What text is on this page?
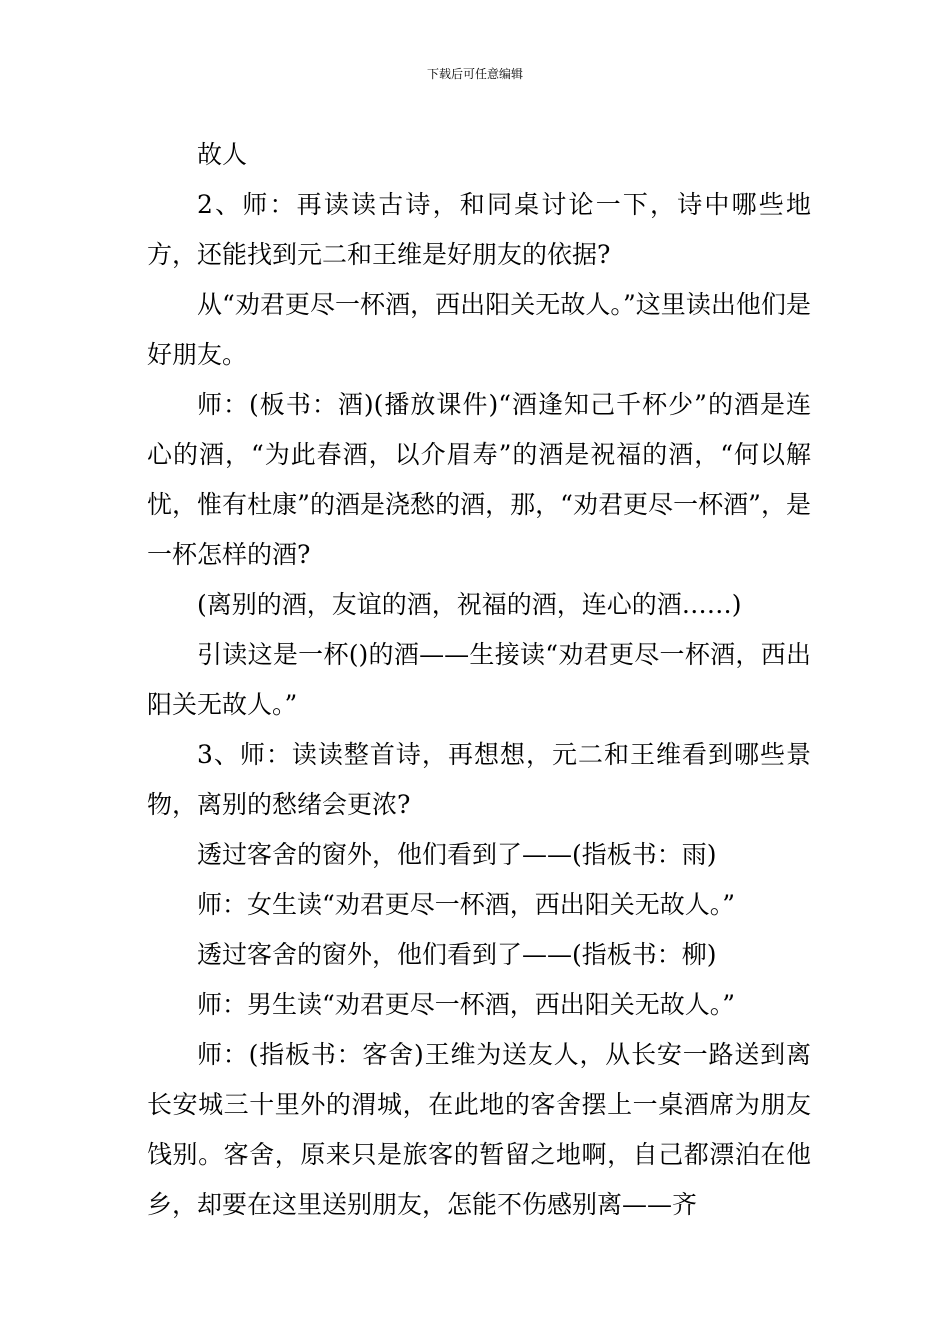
下载后可任意编辑

故人

2、师：再读读古诗，和同桌讨论一下，诗中哪些地方，还能找到元二和王维是好朋友的依据?

从“劝君更尽一杯酒，西出阳关无故人。”这里读出他们是好朋友。

师：(板书：酒)(播放课件)“酒逢知己千杯少”的酒是连心的酒，“为此春酒，以介眉寿”的酒是祝福的酒，“何以解忧，惟有杜康”的酒是浇愁的酒，那，“劝君更尽一杯酒”，是一杯怎样的酒?

(离别的酒，友谊的酒，祝福的酒，连心的酒……)

引读这是一杯()的酒——生接读“劝君更尽一杯酒，西出阳关无故人。”

3、师：读读整首诗，再想想，元二和王维看到哪些景物，离别的愁绪会更浓?

透过客舍的窗外，他们看到了——(指板书：雨)

师：女生读“劝君更尽一杯酒，西出阳关无故人。”

透过客舍的窗外，他们看到了——(指板书：柳)

师：男生读“劝君更尽一杯酒，西出阳关无故人。”

师：(指板书：客舍)王维为送友人，从长安一路送到离长安城三十里外的渭城，在此地的客舍摆上一桌酒席为朋友饯别。客舍，原来只是旅客的暂留之地啊，自己都漂泊在他乡，却要在这里送别朋友，怎能不伤感别离——齐
